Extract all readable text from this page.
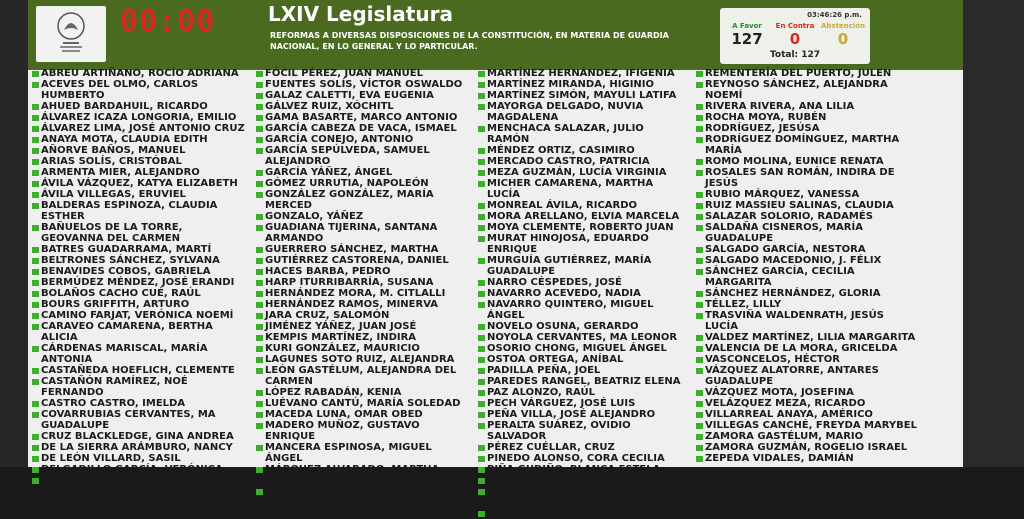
00:00	LXIV Legislatura
REFORMAS A DIVERSAS DISPOSICIONES DE LA CONSTITUCIÓN, EN MATERIA DE GUARDIA NACIONAL, EN LO GENERAL Y LO PARTICULAR.
03:46:26 p.m.
A Favor
127
En Contra
0
Abstención
0
Total: 127
ABREU ARTIÑANO, ROCÍO ADRIANA
ACEVES DEL OLMO, CARLOS HUMBERTO
AHUED BARDAHUIL, RICARDO
ÁLVAREZ ICAZA LONGORIA, EMILIO
ÁLVAREZ LIMA, JOSÉ ANTONIO CRUZ
ANAYA MOTA, CLAUDIA EDITH
AÑORVE BAÑOS, MANUEL
ARIAS SOLÍS, CRISTÓBAL
ARMENTA MIER, ALEJANDRO
ÁVILA VÁZQUEZ, KATYA ELIZABETH
ÁVILA VILLEGAS, ERUVIEL
BALDERAS ESPINOZA, CLAUDIA ESTHER
BAÑUELOS DE LA TORRE, GEOVANNA DEL CARMEN
BATRES GUADARRAMA, MARTÍ
BELTRONES SÁNCHEZ, SYLVANA
BENAVIDES COBOS, GABRIELA
BERMÚDEZ MÉNDEZ, JOSÉ ERANDI
BOLAÑOS CACHO CUÉ, RAÚL
BOURS GRIFFITH, ARTURO
CAMINO FARJAT, VERÓNICA NOEMÍ
CARAVEO CAMARENA, BERTHA ALICIA
CÁRDENAS MARISCAL, MARÍA ANTONIA
CASTAÑEDA HOEFLICH, CLEMENTE
CASTAÑÓN RAMÍREZ, NOÉ FERNANDO
CASTRO CASTRO, IMELDA
COVARRUBIAS CERVANTES, MA GUADALUPE
CRUZ BLACKLEDGE, GINA ANDREA
DE LA SIERRA ARÁMBURO, NANCY
DE LEÓN VILLARD, SASIL
DELGADILLO GARCÍA, VERÓNICA
DELGADO, DANTE
FÓCIL PÉREZ, JUAN MANUEL
FUENTES SOLÍS, VÍCTOR OSWALDO
GALAZ CALETTI, EVA EUGENIA
GÁLVEZ RUIZ, XÓCHITL
GAMA BASARTE, MARCO ANTONIO
GARCÍA CABEZA DE VACA, ISMAEL
GARCÍA CONEJO, ANTONIO
GARCÍA SEPÚLVEDA, SAMUEL ALEJANDRO
GARCÍA YÁÑEZ, ÁNGEL
GÓMEZ URRUTIA, NAPOLEÓN
GONZÁLEZ GONZÁLEZ, MARÍA MERCED
GONZALO, YÁÑEZ
GUADIANA TIJERINA, SANTANA ARMANDO
GUERRERO SÁNCHEZ, MARTHA
GUTIÉRREZ CASTORENA, DANIEL
HACES BARBA, PEDRO
HARP ITURRIBARRÍA, SUSANA
HERNÁNDEZ MORA, M. CITLALLI
HERNÁNDEZ RAMOS, MINERVA
JARA CRUZ, SALOMÓN
JIMÉNEZ YÁÑEZ, JUAN JOSÉ
KEMPIS MARTÍNEZ, INDIRA
KURI GONZÁLEZ, MAURICIO
LAGUNES SOTO RUIZ, ALEJANDRA
LEÓN GASTÉLUM, ALEJANDRA DEL CARMEN
LÓPEZ RABADÁN, KENIA
LUÉVANO CANTÚ, MARÍA SOLEDAD
MACEDA LUNA, OMAR OBED
MADERO MUÑOZ, GUSTAVO ENRIQUE
MANCERA ESPINOSA, MIGUEL ÁNGEL
MÁRQUEZ ALVARADO, MARTHA CECILIA
MARTÍN DEL CAMPO MARTÍN DEL
MARTÍNEZ HERNÁNDEZ, IFIGENIA
MARTÍNEZ MIRANDA, HIGINIO
MARTÍNEZ SIMÓN, MAYULI LATIFA
MAYORGA DELGADO, NUVIA MAGDALENA
MENCHACA SALAZAR, JULIO RAMÓN
MÉNDEZ ORTIZ, CASIMIRO
MERCADO CASTRO, PATRICIA
MEZA GUZMÁN, LUCÍA VIRGINIA
MICHER CAMARENA, MARTHA LUCÍA
MONREAL ÁVILA, RICARDO
MORA ARELLANO, ELVIA MARCELA
MOYA CLEMENTE, ROBERTO JUAN
MURAT HINOJOSA, EDUARDO ENRIQUE
MURGUÍA GUTIÉRREZ, MARÍA GUADALUPE
NARRO CÉSPEDES, JOSÉ
NAVARRO ACEVEDO, NADIA
NAVARRO QUINTERO, MIGUEL ÁNGEL
NOVELO OSUNA, GERARDO
NOYOLA CERVANTES, MA LEONOR
OSORIO CHONG, MIGUEL ÁNGEL
OSTOA ORTEGA, ANÍBAL
PADILLA PEÑA, JOEL
PAREDES RANGEL, BEATRIZ ELENA
PAZ ALONZO, RAÚL
PECH VÁRGUEZ, JOSÉ LUIS
PEÑA VILLA, JOSÉ ALEJANDRO
PERALTA SUÁREZ, OVIDIO SALVADOR
PÉREZ CUÉLLAR, CRUZ
PINEDO ALONSO, CORA CECILIA
PIÑA GUDIÑO, BLANCA ESTELA
QUIÑONEZ RUIZ, JUAN
RAMÍREZ AGUILAR, ÓSCAR EDUARDO
RAMÍREZ MARÍN, JORGE CARLOS
REMENTERÍA DEL PUERTO, JULEN
REYNOSO SÁNCHEZ, ALEJANDRA NOEMÍ
RIVERA RIVERA, ANA LILIA
ROCHA MOYA, RUBÉN
RODRÍGUEZ, JESÚSA
RODRÍGUEZ DOMÍNGUEZ, MARTHA MARÍA
ROMO MOLINA, EUNICE RENATA
ROSALES SAN ROMÁN, INDIRA DE JESÚS
RUBIO MÁRQUEZ, VANESSA
RUIZ MASSIEU SALINAS, CLAUDIA
SALAZAR SOLORIO, RADAMÉS
SALDAÑA CISNEROS, MARÍA GUADALUPE
SALGADO GARCÍA, NESTORA
SALGADO MACEDONIO, J. FÉLIX
SÁNCHEZ GARCÍA, CECILIA MARGARITA
SÁNCHEZ HERNÁNDEZ, GLORIA
TÉLLEZ, LILLY
TRASVIÑA WALDENRATH, JESÚS LUCÍA
VALDEZ MARTÍNEZ, LILIA MARGARITA
VALENCIA DE LA MORA, GRICELDA
VASCONCELOS, HÉCTOR
VÁZQUEZ ALATORRE, ANTARES GUADALUPE
VÁZQUEZ MOTA, JOSEFINA
VELÁZQUEZ MEZA, RICARDO
VILLARREAL ANAYA, AMÉRICO
VILLEGAS CANCHÉ, FREYDA MARYBEL
ZAMORA GASTÉLUM, MARIO
ZAMORA GUZMÁN, ROGELIO ISRAEL
ZEPEDA VIDALES, DAMIÁN
